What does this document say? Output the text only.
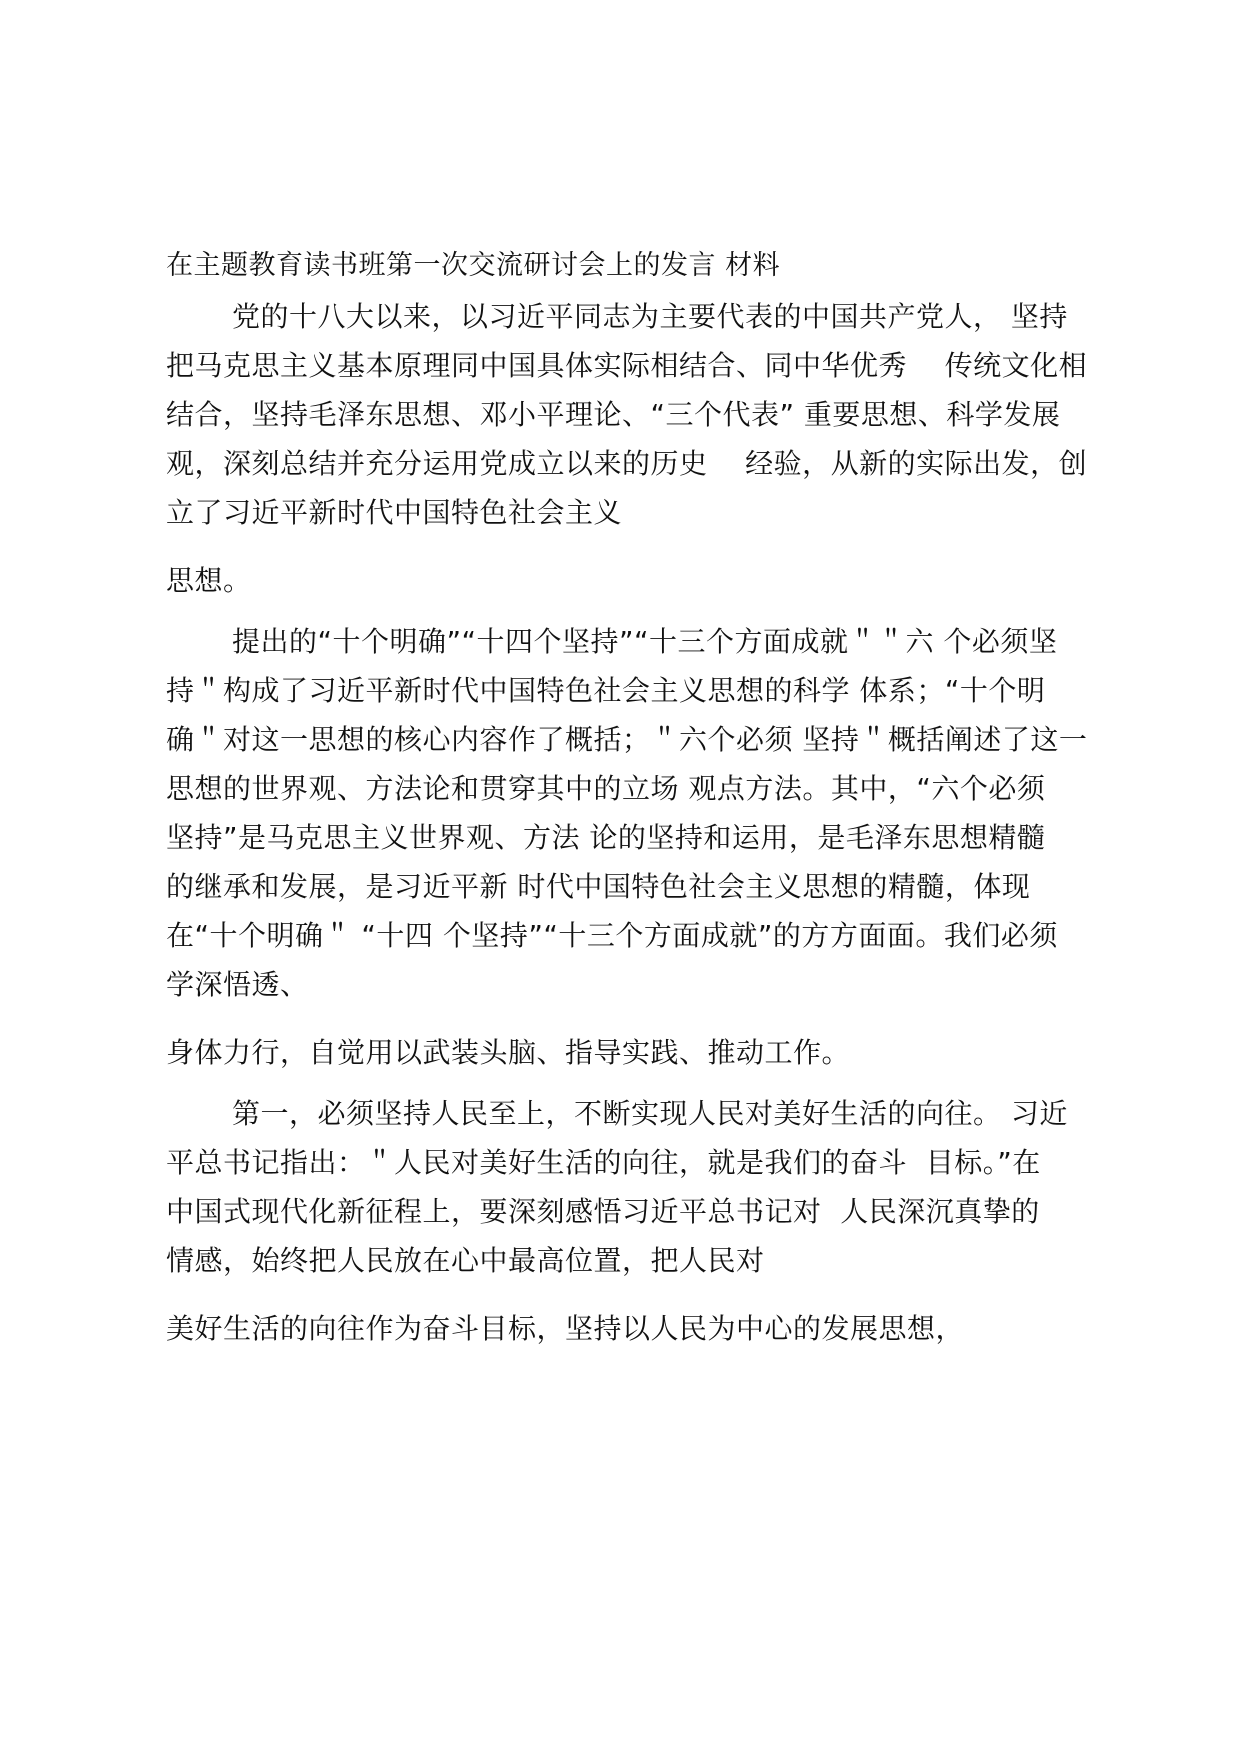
在主题教育读书班第一次交流研讨会上的发言 材料

党的十八大以来，以习近平同志为主要代表的中国共产党人， 坚持

把马克思主义基本原理同中国具体实际相结合、同中华优秀    传统文化相

结合，坚持毛泽东思想、邓小平理论、“三个代表” 重要思想、科学发展

观，深刻总结并充分运用党成立以来的历史    经验，从新的实际出发，创

立了习近平新时代中国特色社会主义

思想。

提出的“十个明确”“十四个坚持”“十三个方面成就＂＂六 个必须坚

持＂构成了习近平新时代中国特色社会主义思想的科学 体系；“十个明

确＂对这一思想的核心内容作了概括；＂六个必须 坚持＂概括阐述了这一

思想的世界观、方法论和贯穿其中的立场 观点方法。其中，“六个必须

坚持”是马克思主义世界观、方法 论的坚持和运用，是毛泽东思想精髓

的继承和发展，是习近平新 时代中国特色社会主义思想的精髓，体现

在“十个明确＂ “十四 个坚持”“十三个方面成就”的方方面面。我们必须

学深悟透、

身体力行，自觉用以武装头脑、指导实践、推动工作。

第一，必须坚持人民至上，不断实现人民对美好生活的向往。 习近

平总书记指出：＂人民对美好生活的向往，就是我们的奋斗  目标。”在

中国式现代化新征程上，要深刻感悟习近平总书记对  人民深沉真挚的

情感，始终把人民放在心中最高位置，把人民对

美好生活的向往作为奋斗目标，坚持以人民为中心的发展思想，
